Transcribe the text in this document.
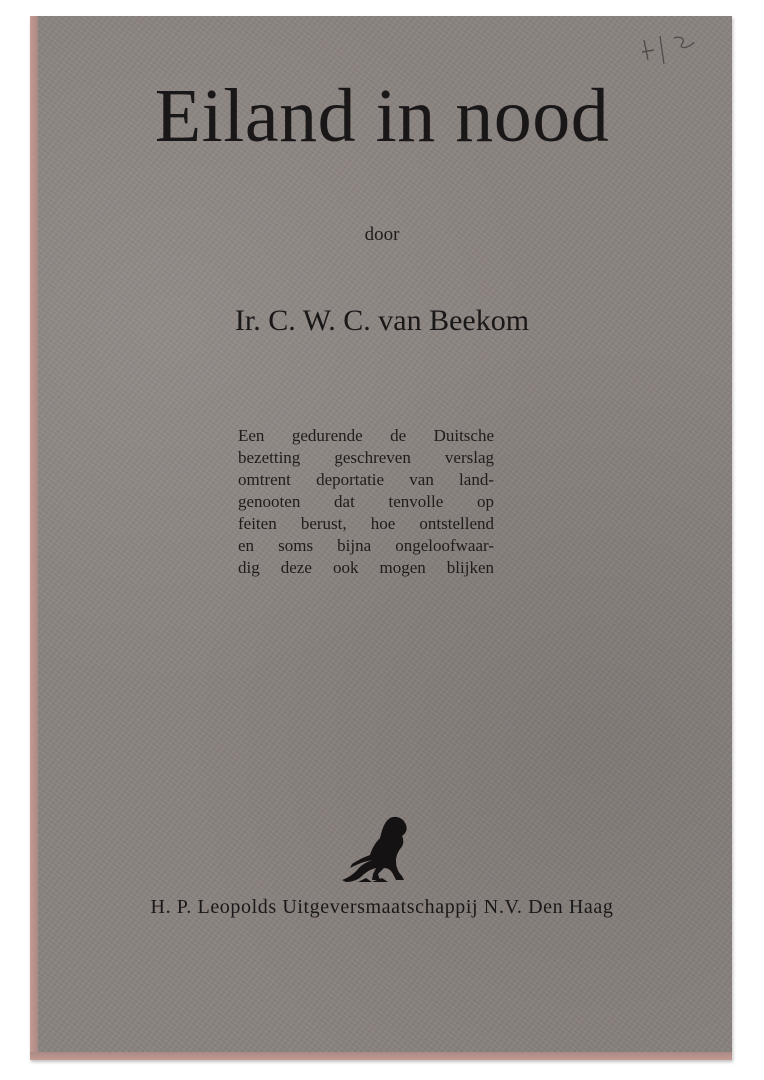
Eiland in nood
door
Ir. C. W. C. van Beekom
Een gedurende de Duitsche
bezetting geschreven verslag
omtrent deportatie van land-
genooten dat tenvolle op
feiten berust, hoe ontstellend
en soms bijna ongeloofwaar-
dig deze ook mogen blijken
H. P. Leopolds Uitgeversmaatschappij N.V. Den Haag
